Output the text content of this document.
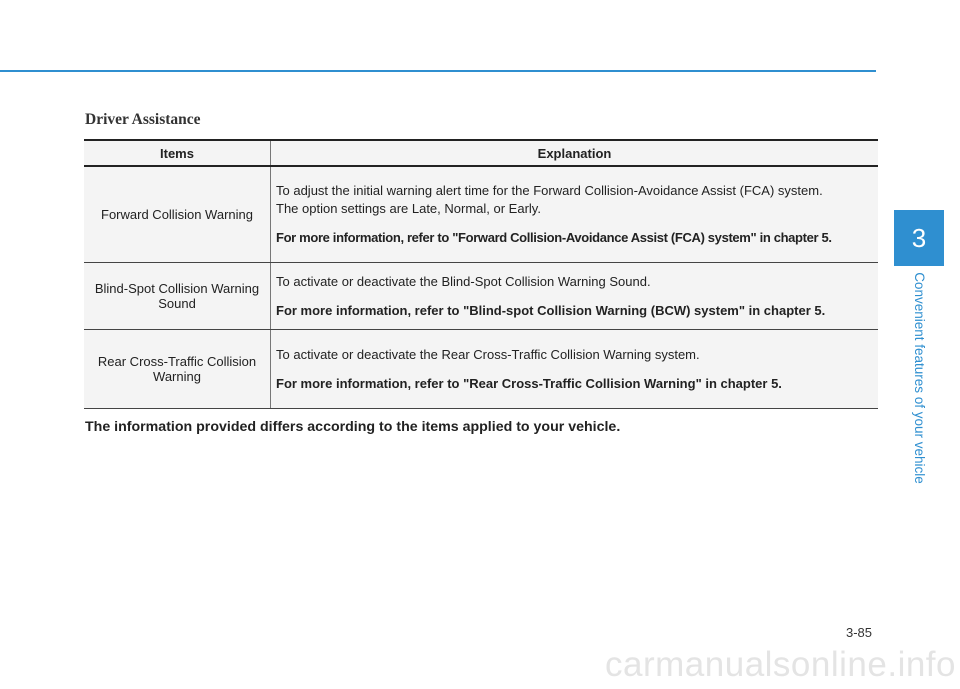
Driver Assistance
Items	Explanation
Forward Collision Warning	To adjust the initial warning alert time for the Forward Collision-Avoidance Assist (FCA) system.

The option settings are Late, Normal, or Early.

For more information, refer to "Forward Collision-Avoidance Assist (FCA) system" in chapter 5.

Blind-Spot Collision Warning Sound	To activate or deactivate the Blind-Spot Collision Warning Sound.

For more information, refer to "Blind-spot Collision Warning (BCW) system" in chapter 5.

Rear Cross-Traffic Collision Warning	To activate or deactivate the Rear Cross-Traffic Collision Warning system.

For more information, refer to "Rear Cross-Traffic Collision Warning" in chapter 5.

The information provided differs according to the items applied to your vehicle.

3
Convenient features of your vehicle
3-85
carmanualsonline.info
